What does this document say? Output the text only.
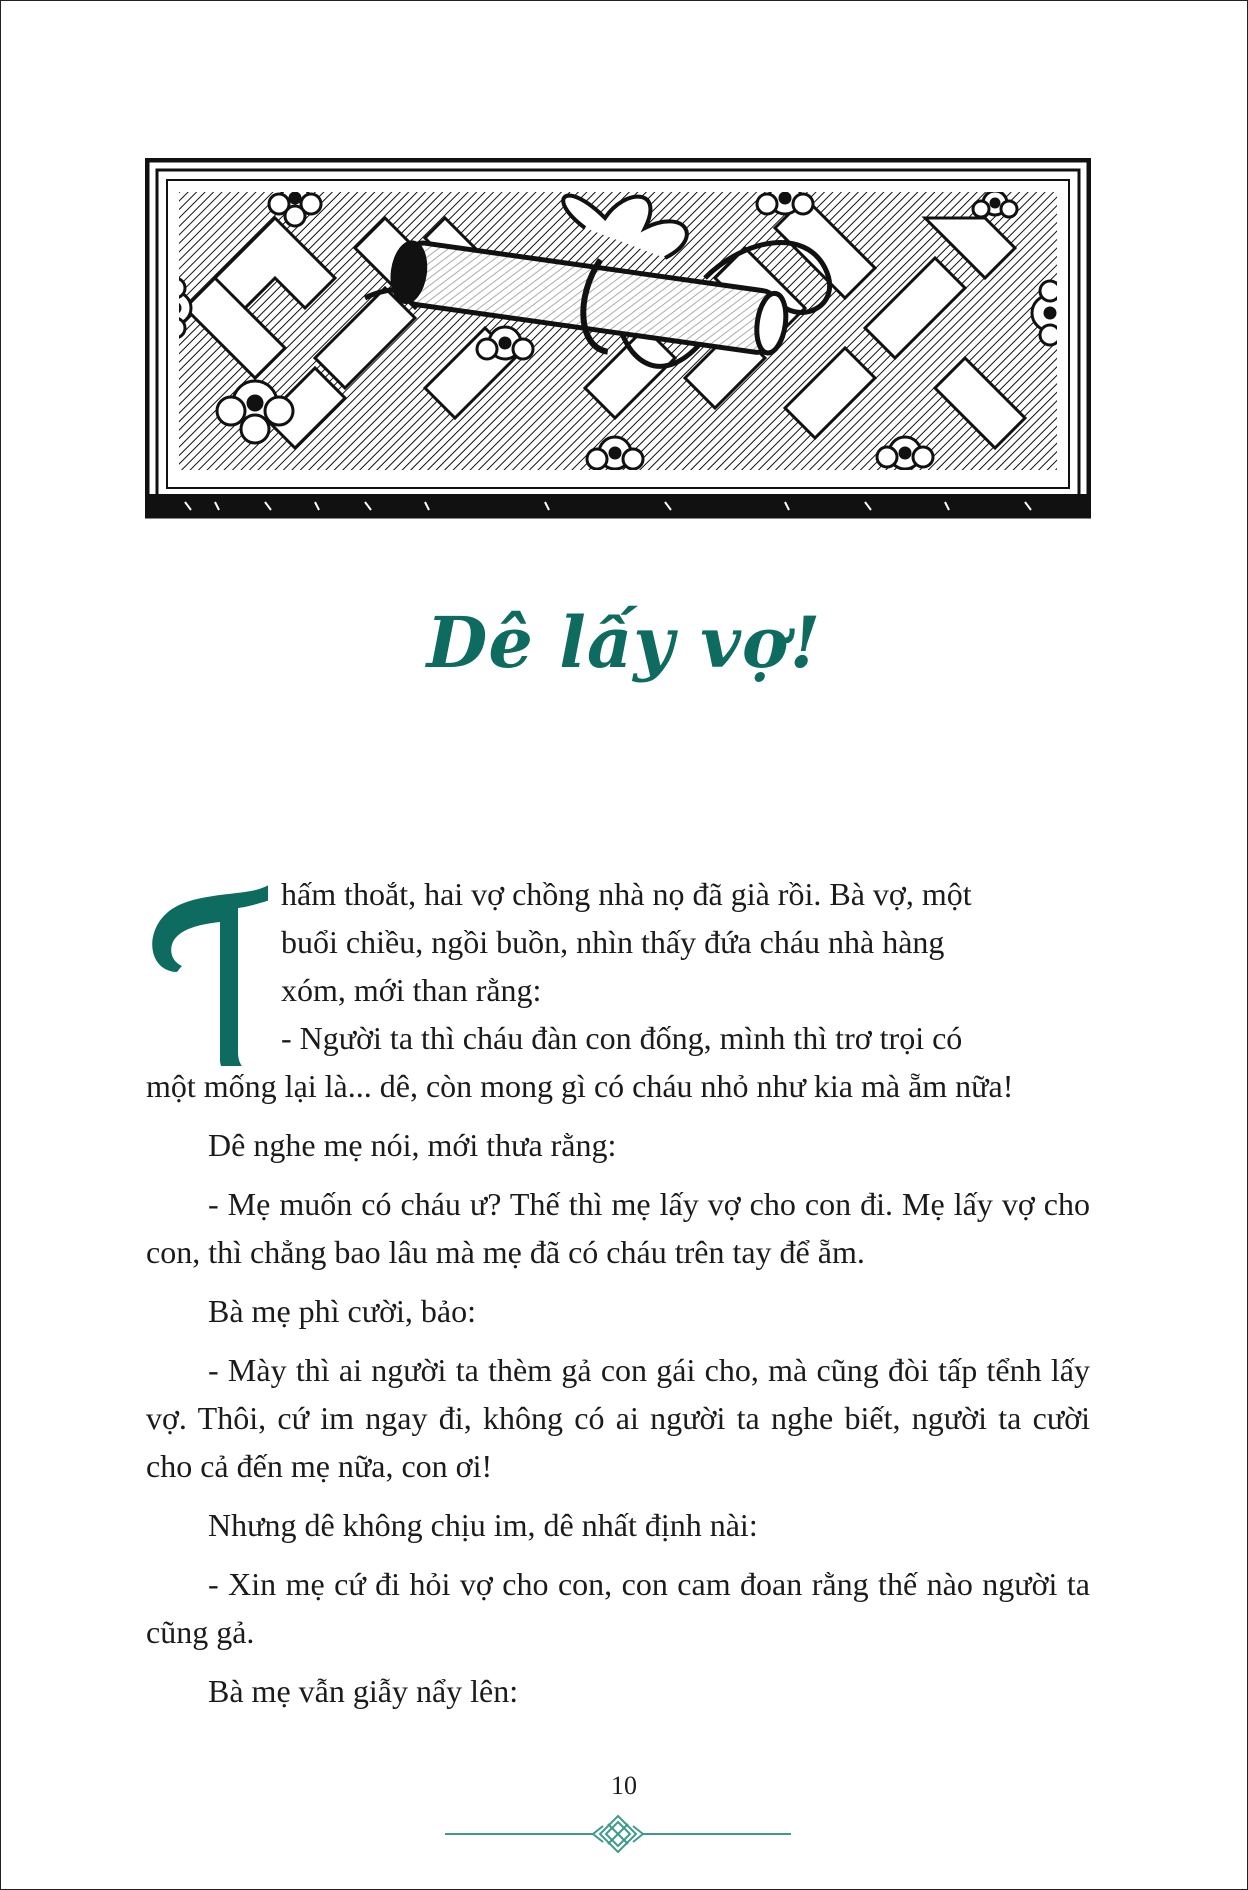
Dê lấy vợ!

hấm thoắt, hai vợ chồng nhà nọ đã già rồi. Bà vợ, một

buổi chiều, ngồi buồn, nhìn thấy đứa cháu nhà hàng

xóm, mới than rằng:

- Người ta thì cháu đàn con đống, mình thì trơ trọi có

một mống lại là... dê, còn mong gì có cháu nhỏ như kia mà ẵm nữa!

Dê nghe mẹ nói, mới thưa rằng:

- Mẹ muốn có cháu ư? Thế thì mẹ lấy vợ cho con đi. Mẹ lấy vợ cho con, thì chẳng bao lâu mà mẹ đã có cháu trên tay để ẵm.

Bà mẹ phì cười, bảo:

- Mày thì ai người ta thèm gả con gái cho, mà cũng đòi tấp tểnh lấy vợ. Thôi, cứ im ngay đi, không có ai người ta nghe biết, người ta cười cho cả đến mẹ nữa, con ơi!

Nhưng dê không chịu im, dê nhất định nài:

- Xin mẹ cứ đi hỏi vợ cho con, con cam đoan rằng thế nào người ta cũng gả.

Bà mẹ vẫn giẫy nẩy lên:

10
